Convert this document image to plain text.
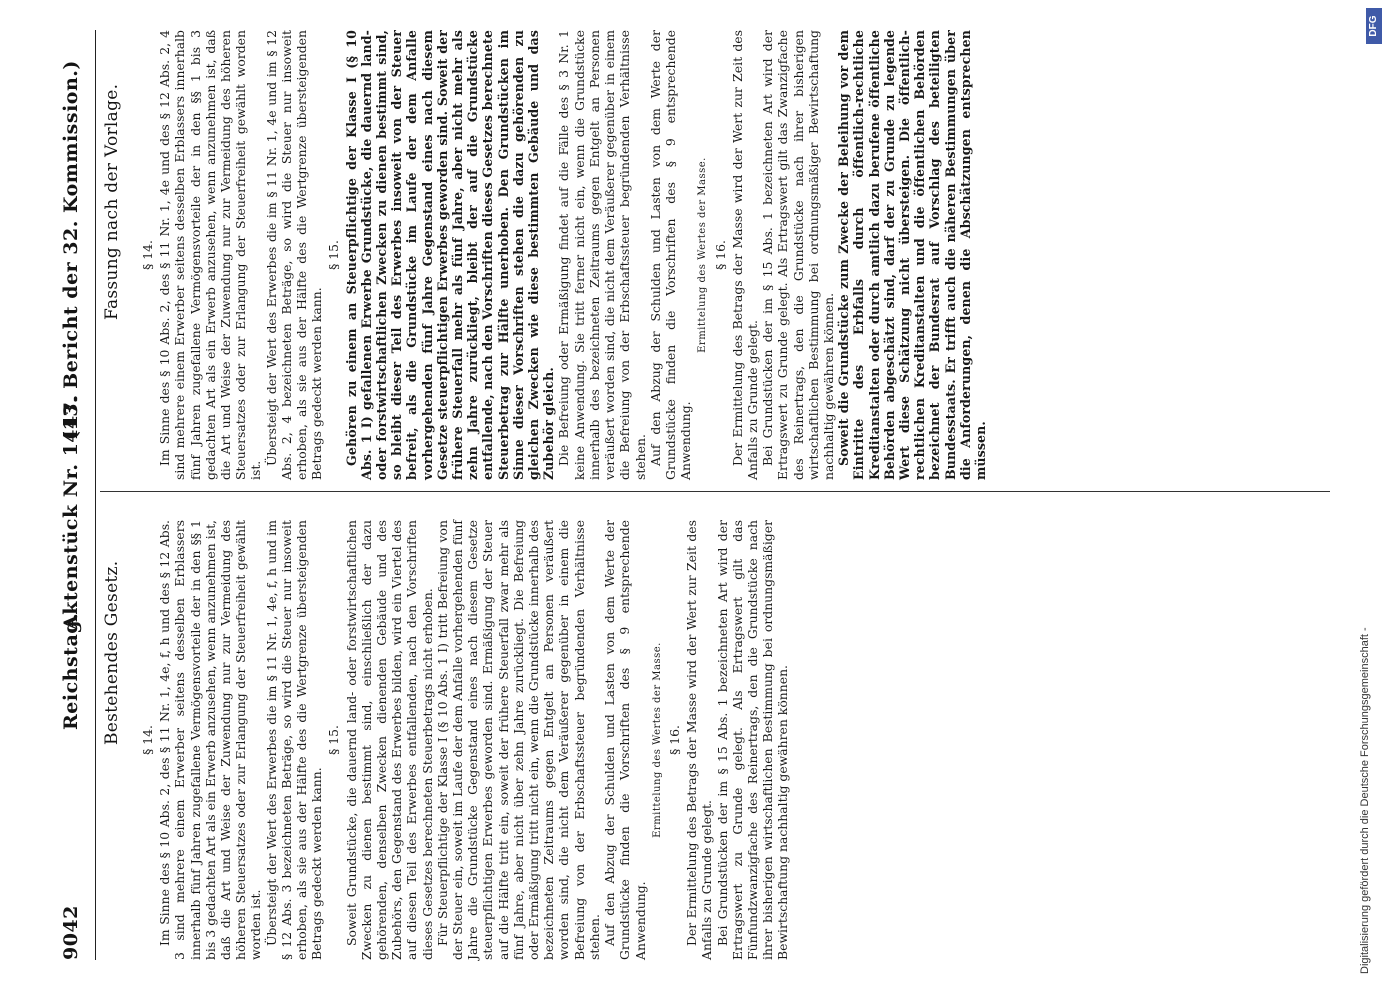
9042
Reichstag.
Aktenstück Nr. 1447.
(13. Bericht der 32. Kommission.)
Bestehendes Gesetz.
Fassung nach der Vorlage.

§ 14. Im Sinne des § 10 Abs. 2, des § 11 Nr. 1, 4e, f, h und des § 12 Abs. 3 sind mehrere einem Erwerber seitens desselben Erblassers innerhalb fünf Jahren zugefallene Vermögensvorteile der in den §§ 1 bis 3 gedachten Art als ein Erwerb anzusehen, wenn anzunehmen ist, daß die Art und Weise der Zuwendung nur zur Vermeidung des höheren Steuersatzes oder zur Erlangung der Steuerfreiheit gewählt worden ist. Übersteigt der Wert des Erwerbes die im § 11 Nr. 1, 4e, f, h und im § 12 Abs. 3 bezeichneten Beträge, so wird die Steuer nur insoweit erhoben, als sie aus der Hälfte des die Wertgrenze übersteigenden Betrags gedeckt werden kann.

§ 15. Soweit Grundstücke, die dauernd land- oder forstwirtschaftlichen Zwecken zu dienen bestimmt sind, einschließlich der dazu gehörenden, denselben Zwecken dienenden Gebäude und des Zubehörs, den Gegenstand des Erwerbes bilden, wird ein Viertel des auf diesen Teil des Erwerbes entfallenden, nach den Vorschriften dieses Gesetzes berechneten Steuerbetrags nicht erhoben. Für Steuerpflichtige der Klasse I (§ 10 Abs. 1 I) tritt Befreiung von der Steuer ein, soweit im Laufe der dem Anfalle vorhergehenden fünf Jahre die Grundstücke Gegenstand eines nach diesem Gesetze steuerpflichtigen Erwerbes geworden sind. Ermäßigung der Steuer auf die Hälfte tritt ein, soweit der frühere Steuerfall zwar mehr als fünf Jahre, aber nicht über zehn Jahre zurückliegt. Die Befreiung oder Ermäßigung tritt nicht ein, wenn die Grundstücke innerhalb des bezeichneten Zeitraums gegen Entgelt an Personen veräußert worden sind, die nicht dem Veräußerer gegenüber in einem die Befreiung von der Erbschaftssteuer begründenden Verhältnisse stehen. Auf den Abzug der Schulden und Lasten von dem Werte der Grundstücke finden die Vorschriften des § 9 entsprechende Anwendung.

Ermittelung des Wertes der Masse. § 16. Der Ermittelung des Betrags der Masse wird der Wert zur Zeit des Anfalls zu Grunde gelegt. Bei Grundstücken der im § 15 Abs. 1 bezeichneten Art wird der Ertragswert zu Grunde gelegt. Als Ertragswert gilt das Fünfundzwanzigfache des Reinertrags, den die Grundstücke nach ihrer bisherigen wirtschaftlichen Bestimmung bei ordnungsmäßiger Bewirtschaftung nachhaltig gewähren können.

§ 14. Im Sinne des § 10 Abs. 2, des § 11 Nr. 1, 4e und des § 12 Abs. 2, 4 sind mehrere einem Erwerber seitens desselben Erblassers innerhalb fünf Jahren zugefallene Vermögensvorteile der in den §§ 1 bis 3 gedachten Art als ein Erwerb anzusehen, wenn anzunehmen ist, daß die Art und Weise der Zuwendung nur zur Vermeidung des höheren Steuersatzes oder zur Erlangung der Steuerfreiheit gewählt worden ist.

Übersteigt der Wert des Erwerbes die im § 11 Nr. 1, 4e und im § 12 Abs. 2, 4 bezeichneten Beträge, so wird die Steuer nur insoweit erhoben, als sie aus der Hälfte des die Wertgrenze übersteigenden Betrags gedeckt werden kann.

§ 15. Gehören zu einem an Steuerpflichtige der Klasse I (§ 10 Abs. 1 I) gefallenen Erwerbe Grundstücke, die dauernd land- oder forstwirtschaftlichen Zwecken zu dienen bestimmt sind, so bleibt dieser Teil des Erwerbes insoweit von der Steuer befreit, als die Grundstücke im Laufe der dem Anfalle vorhergehenden fünf Jahre Gegenstand eines nach diesem Gesetze steuerpflichtigen Erwerbes geworden sind. Soweit der frühere Steuerfall mehr als fünf Jahre, aber nicht mehr als zehn Jahre zurückliegt, bleibt der auf die Grundstücke entfallende, nach den Vorschriften dieses Gesetzes berechnete Steuerbetrag zur Hälfte unerhoben. Den Grundstücken im Sinne dieser Vorschriften stehen die dazu gehörenden zu gleichen Zwecken wie diese bestimmten Gebäude und das Zubehör gleich. Die Befreiung oder Ermäßigung findet auf die Fälle des § 3 Nr. 1 keine Anwendung. Sie tritt ferner nicht ein, wenn die Grundstücke innerhalb des bezeichneten Zeitraums gegen Entgelt an Personen veräußert worden sind, die nicht dem Veräußerer gegenüber in einem die Befreiung von der Erbschaftssteuer begründenden Verhältnisse stehen. Auf den Abzug der Schulden und Lasten von dem Werte der Grundstücke finden die Vorschriften des § 9 entsprechende Anwendung.

Ermittelung des Wertes der Masse. § 16. Der Ermittelung des Betrags der Masse wird der Wert zur Zeit des Anfalls zu Grunde gelegt. Bei Grundstücken der im § 15 Abs. 1 bezeichneten Art wird der Ertragswert zu Grunde gelegt. Als Ertragswert gilt das Zwanzigfache des Reinertrags, den die Grundstücke nach ihrer bisherigen wirtschaftlichen Bestimmung bei ordnungsmäßiger Bewirtschaftung nachhaltig gewähren können. Soweit die Grundstücke zum Zwecke der Beleihung vor dem Eintritte des Erbfalls durch öffentlich-rechtliche Kreditanstalten oder durch amtlich dazu berufene öffentliche Behörden abgeschätzt sind, darf der zu Grunde zu legende Wert diese Schätzung nicht übersteigen. Die öffentlich-rechtlichen Kreditanstalten und die öffentlichen Behörden bezeichnet der Bundesrat auf Vorschlag des beteiligten Bundesstaats. Er trifft auch die näheren Bestimmungen über die Anforderungen, denen die Abschätzungen entsprechen müssen.

Digitalisierung gefördert durch die Deutsche Forschungsgemeinschaft -
DFG
